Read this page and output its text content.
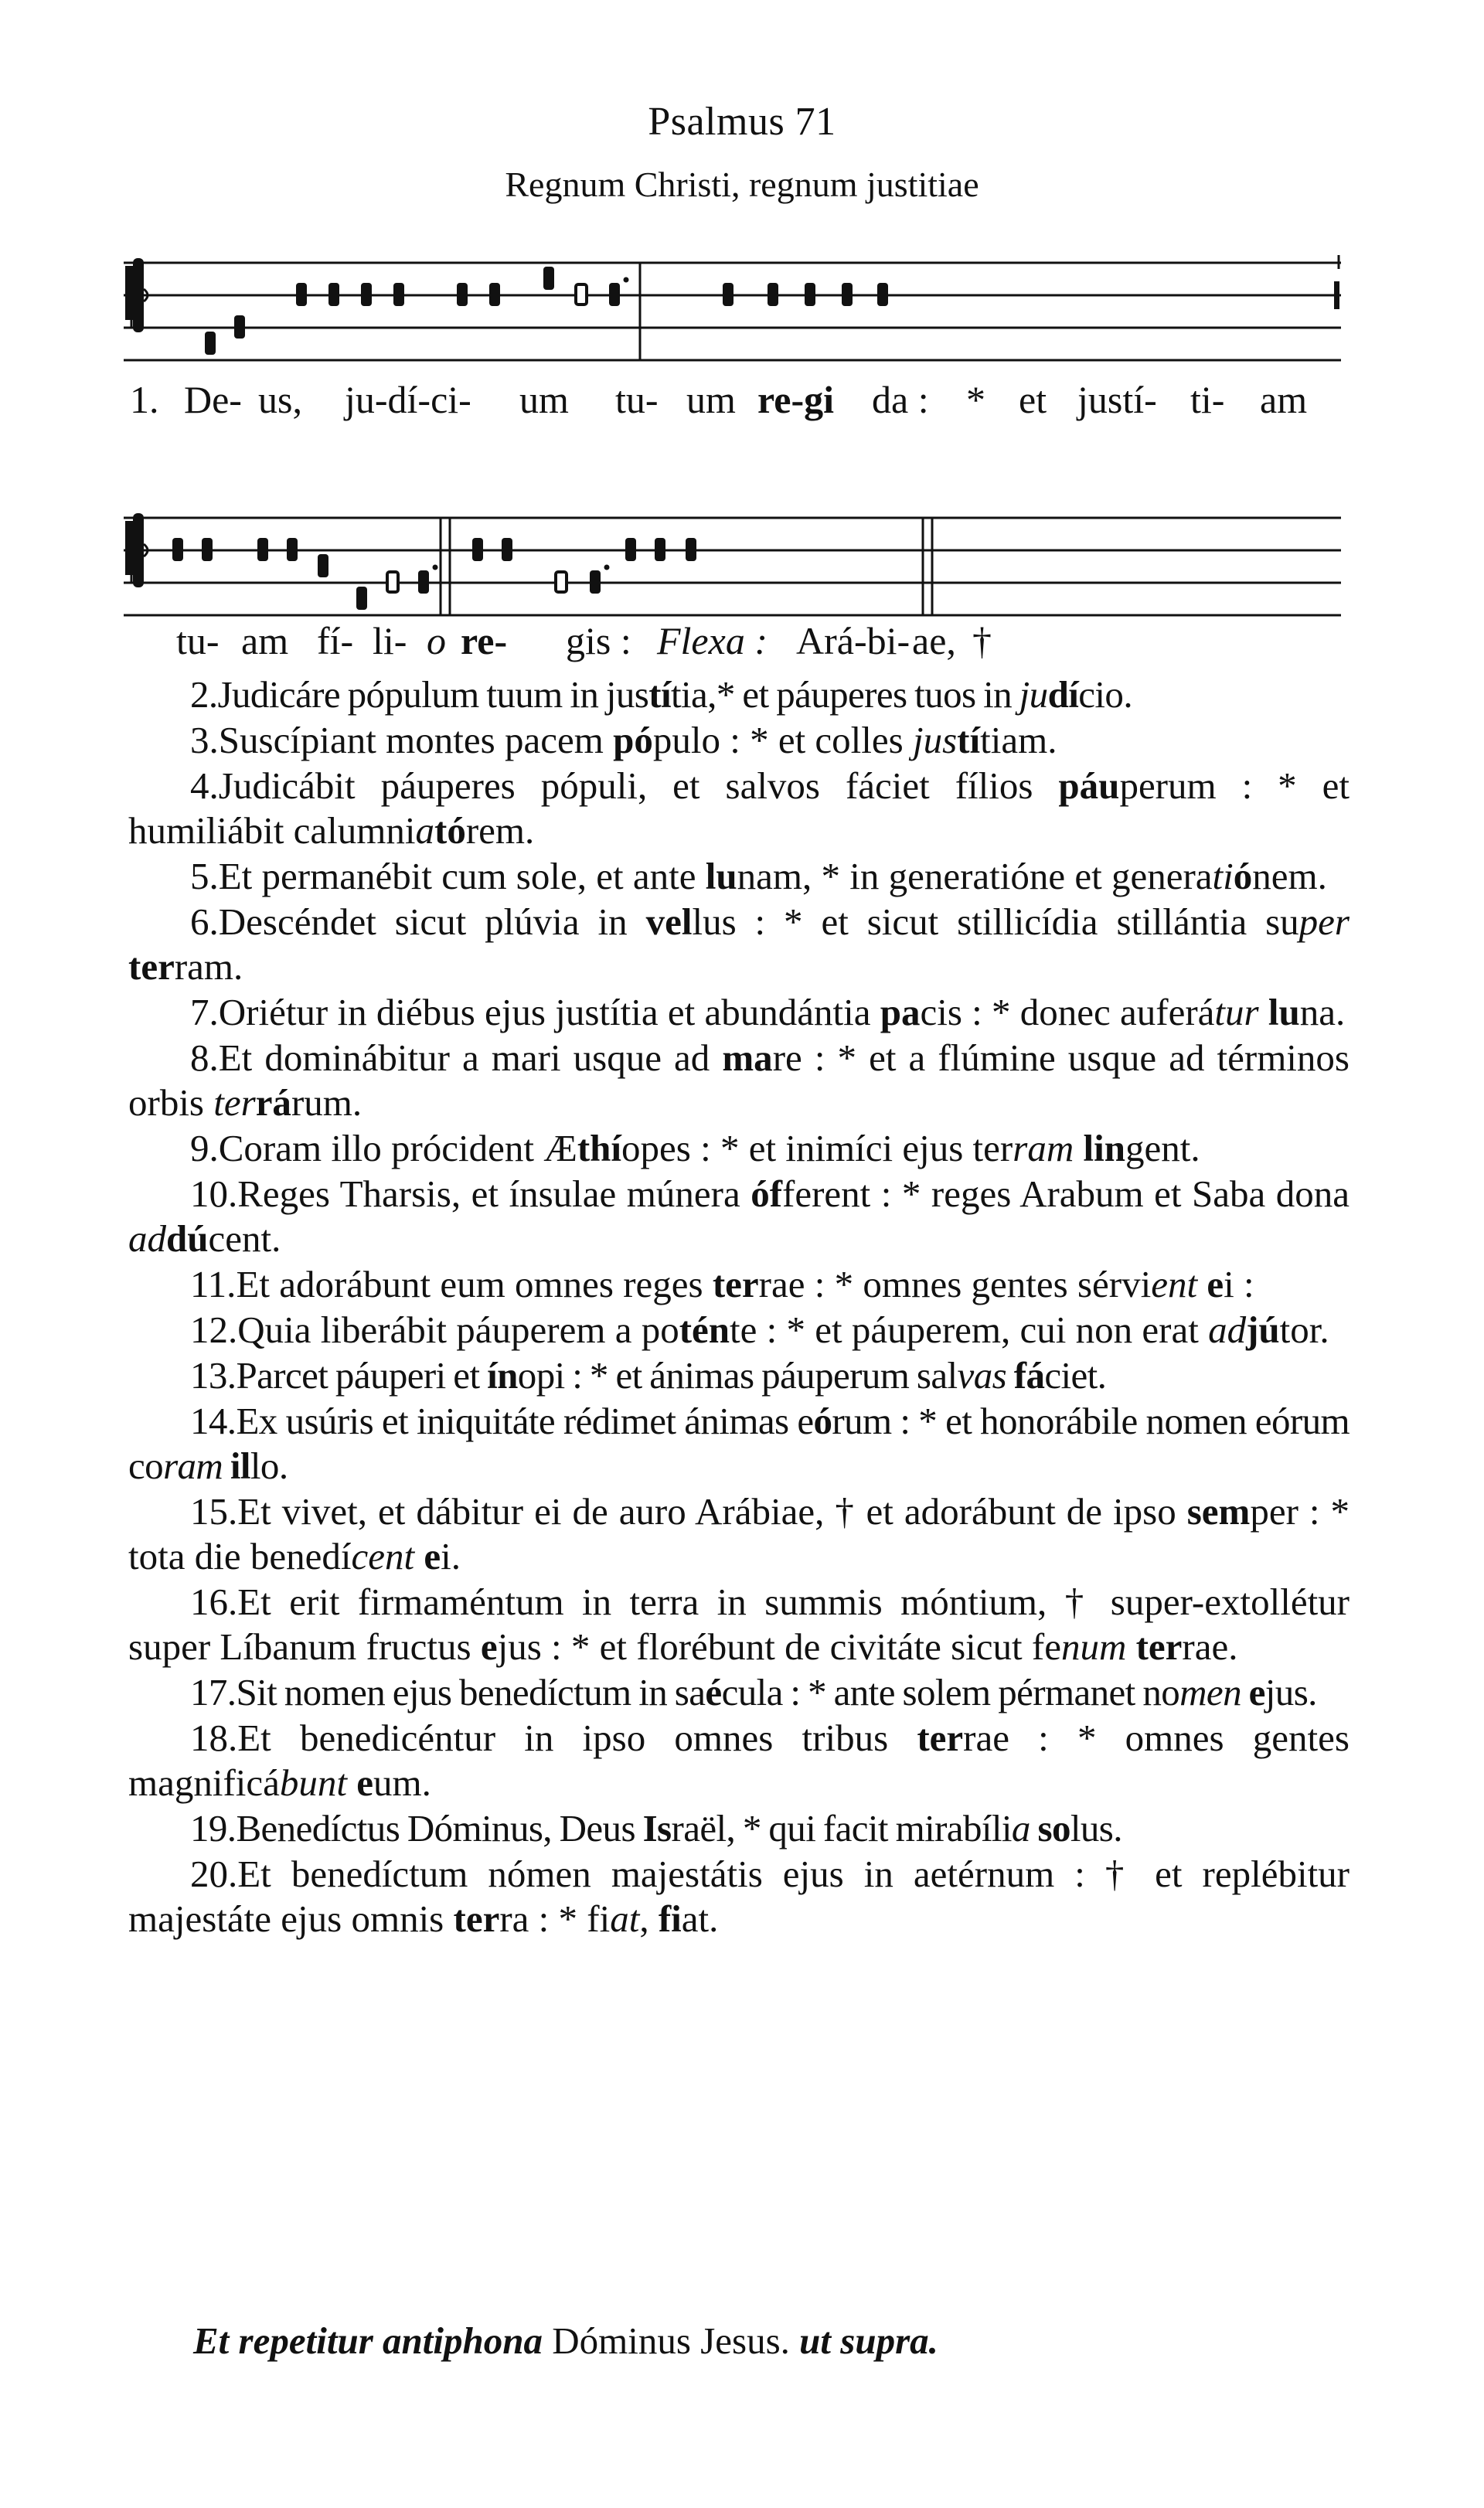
Psalmus 71
Regnum Christi, regnum justitiae
1. De- us, ju-dí-ci- um tu- um re-gi da : * et justí- ti- am
tu- am fí- li- o re- gis : Flexa : Ará-bi- ae, †
2.Judicáre pópulum tuum in justítia,* et páuperes tuos in judício.
3.Suscípiant montes pacem pópulo : * et colles justítiam.
4.Judicábit páuperes pópuli, et salvos fáciet fílios páuperum : * et humiliábit calumniatórem.
5.Et permanébit cum sole, et ante lunam, * in generatióne et generatiónem.
6.Descéndet sicut plúvia in vellus : * et sicut stillicídia stillántia super terram.
7.Oriétur in diébus ejus justítia et abundántia pacis : * donec auferátur luna.
8.Et dominábitur a mari usque ad mare : * et a flúmine usque ad términos orbis terrárum.
9.Coram illo prócident Æthíopes : * et inimíci ejus terram lingent.
10.Reges Tharsis, et ínsulae múnera ófferent : * reges Arabum et Saba dona addúcent.
11.Et adorábunt eum omnes reges terrae : * omnes gentes sérvient ei :
12.Quia liberábit páuperem a poténte : * et páuperem, cui non erat adjútor.
13.Parcet páuperi et ínopi : * et ánimas páuperum salvas fáciet.
14.Ex usúris et iniquitáte rédimet ánimas eórum : * et honorábile nomen eórum coram illo.
15.Et vivet, et dábitur ei de auro Arábiae, † et adorábunt de ipso semper : * tota die benedícent ei.
16.Et erit firmaméntum in terra in summis móntium, † super-extollétur super Líbanum fructus ejus : * et florébunt de civitáte sicut fenum terrae.
17.Sit nomen ejus benedíctum in saécula : * ante solem pérmanet nomen ejus.
18.Et benedicéntur in ipso omnes tribus terrae : * omnes gentes magnificábunt eum.
19.Benedíctus Dóminus, Deus Israël, * qui facit mirabília solus.
20.Et benedíctum nómen majestátis ejus in aetérnum : † et replébitur majestáte ejus omnis terra : * fiat, fiat.
Et repetitur antiphona Dóminus Jesus. ut supra.
